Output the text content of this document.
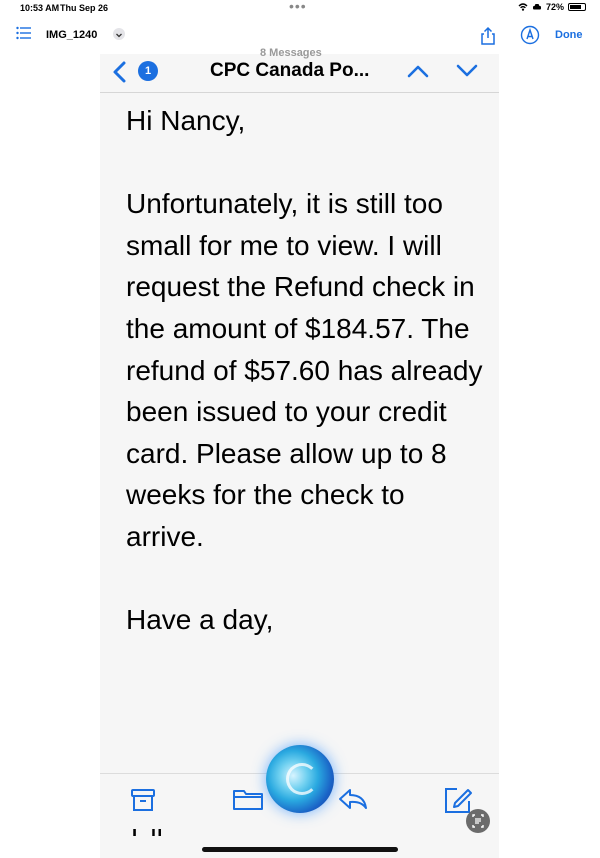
10:53 AM Thu Sep 26	•••	72%
IMG_1240	Done
8 Messages
1	CPC Canada Po...

Hi Nancy,

Unfortunately, it is still too small for me to view. I will request the Refund check in the amount of $184.57. The refund of $57.60 has already been issued to your credit card. Please allow up to 8 weeks for the check to arrive.

Have a day,
